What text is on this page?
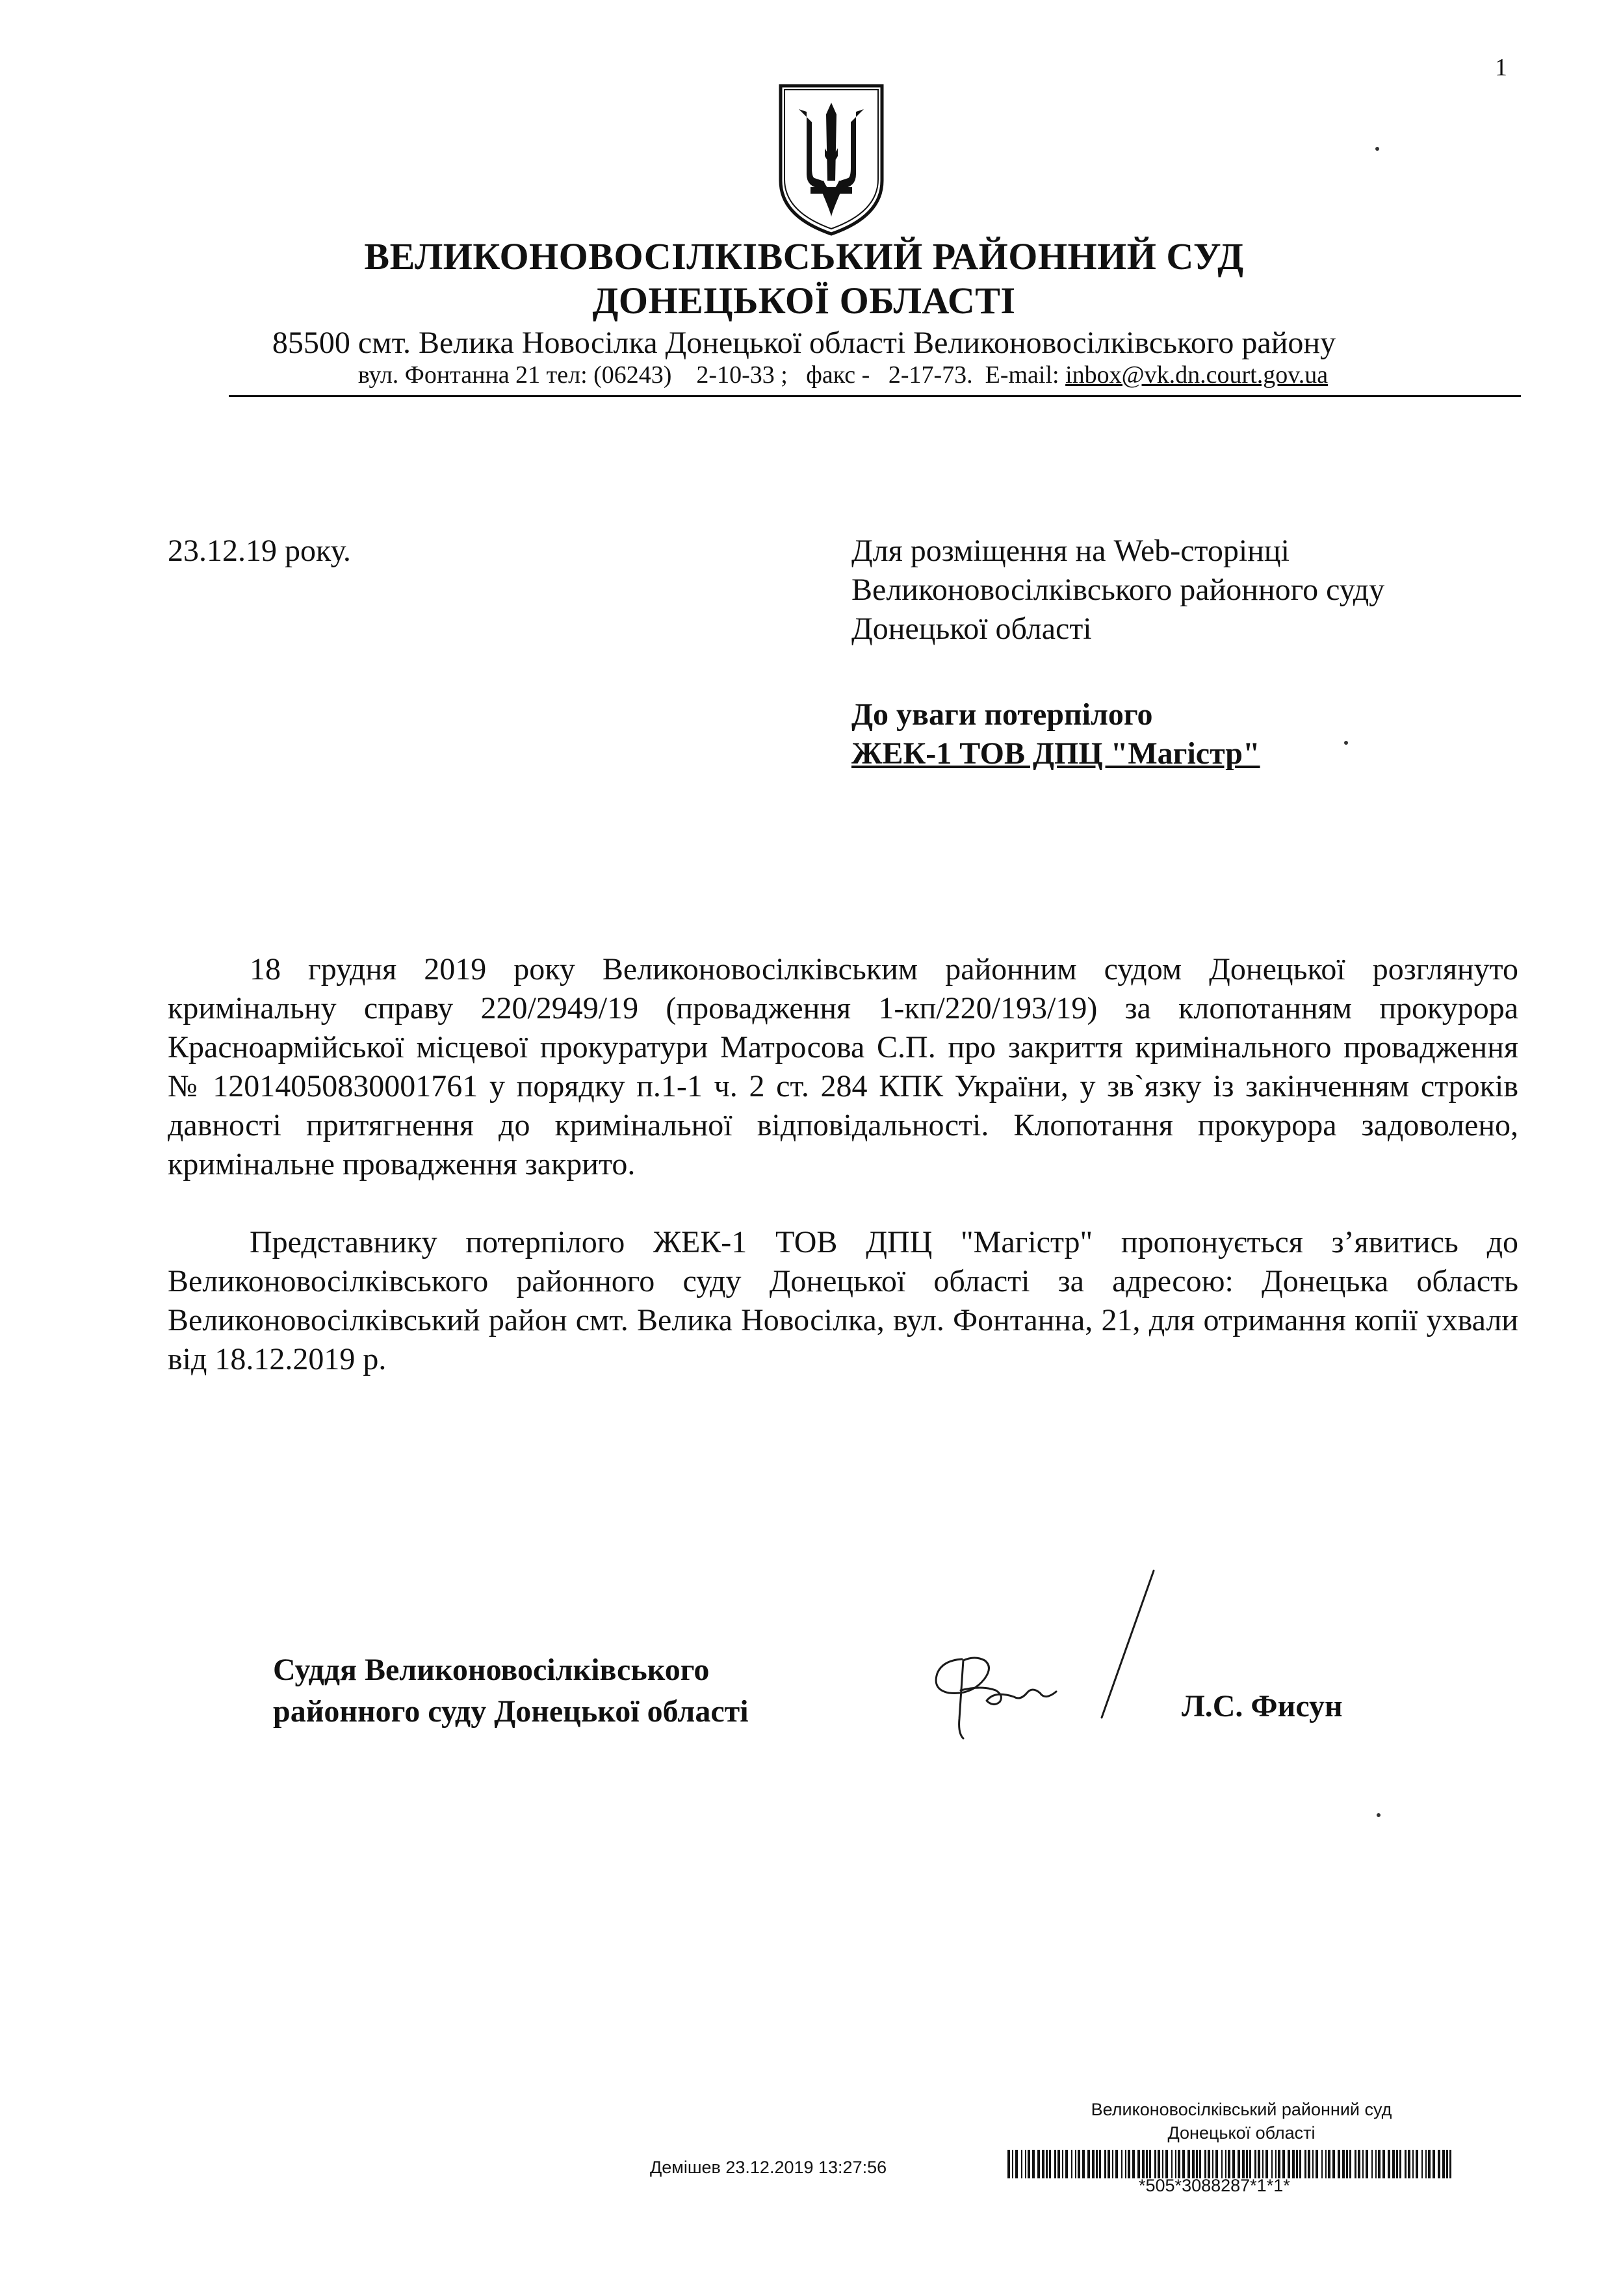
1
ВЕЛИКОНОВОСІЛКІВСЬКИЙ РАЙОННИЙ СУД
ДОНЕЦЬКОЇ ОБЛАСТІ
85500 смт. Велика Новосілка Донецької області Великоновосілківського району
вул. Фонтанна 21 тел: (06243)    2-10-33 ;   факс -   2-17-73.  E-mail: inbox@vk.dn.court.gov.ua
23.12.19 року.	Для розміщення на Web-сторінці
Великоновосілківського районного суду
Донецької області
До уваги потерпілого
ЖЕК-1 ТОВ ДПЦ "Магістр"

18 грудня 2019 року Великоновосілківським районним судом Донецької розглянуто кримінальну справу 220/2949/19 (провадження 1-кп/220/193/19) за клопотанням прокурора Красноармійської місцевої прокуратури Матросова С.П. про закриття кримінального провадження № 12014050830001761 у порядку п.1-1 ч. 2 ст. 284 КПК України, у зв`язку із закінченням строків давності притягнення до кримінальної відповідальності. Клопотання прокурора задоволено, кримінальне провадження закрито.

Представнику потерпілого ЖЕК-1 ТОВ ДПЦ "Магістр" пропонується з’явитись до Великоновосілківського районного суду Донецької області за адресою: Донецька область Великоновосілківський район смт. Велика Новосілка, вул. Фонтанна, 21, для отримання копії ухвали від 18.12.2019 р.

Суддя Великоновосілківського
районного суду Донецької області	Л.С. Фисун
Великоновосілківський районний суд
Донецької області
Демішев 23.12.2019 13:27:56
*505*3088287*1*1*
